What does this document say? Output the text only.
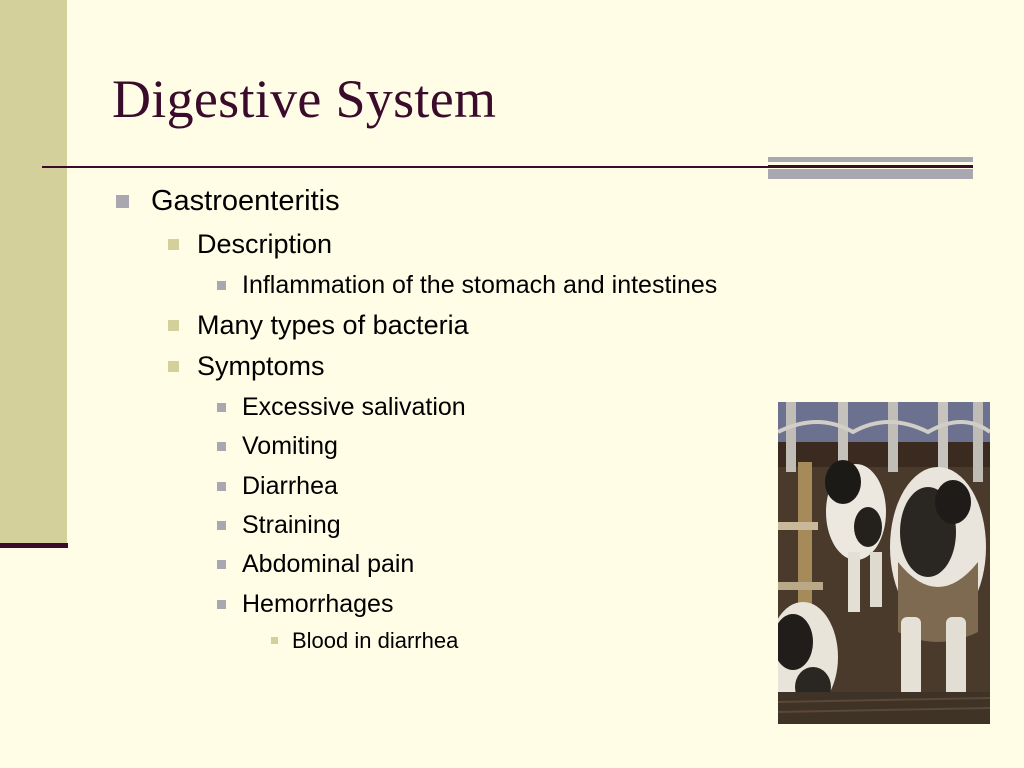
Digestive System
Gastroenteritis
Description
Inflammation of the stomach and intestines
Many types of bacteria
Symptoms
Excessive salivation
Vomiting
Diarrhea
Straining
Abdominal pain
Hemorrhages
Blood in diarrhea
